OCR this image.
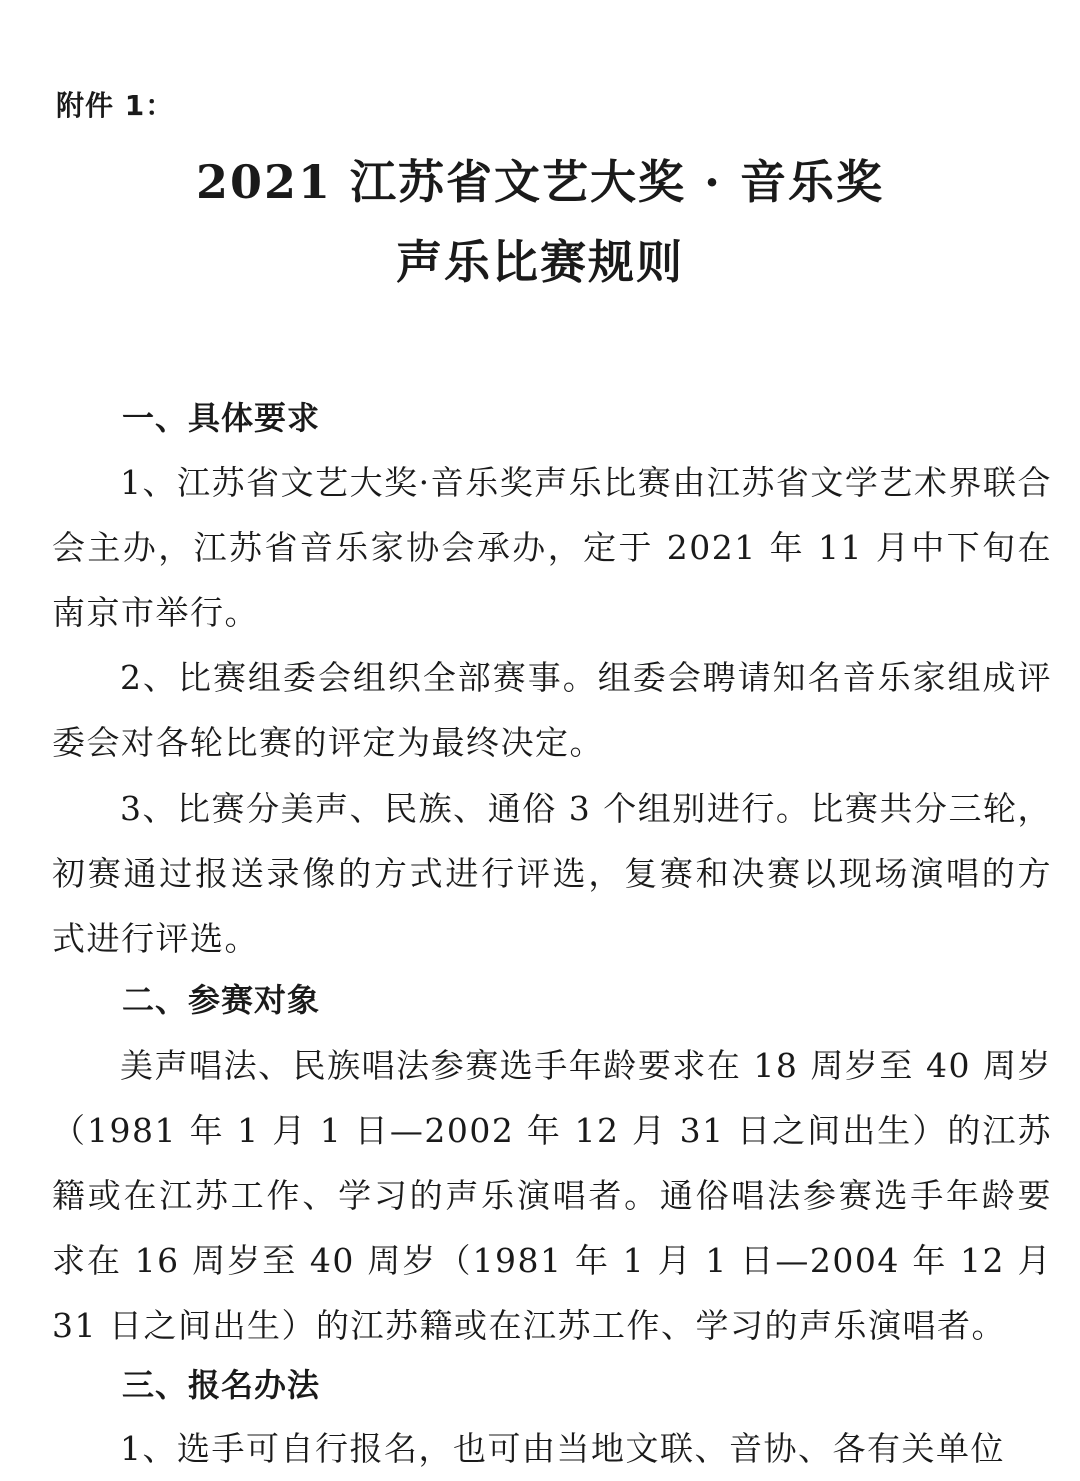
附件 1：
2021 江苏省文艺大奖 · 音乐奖
声乐比赛规则
一、具体要求

1、江苏省文艺大奖·音乐奖声乐比赛由江苏省文学艺术界联合会主办，江苏省音乐家协会承办，定于 2021 年 11 月中下旬在南京市举行。

2、比赛组委会组织全部赛事。组委会聘请知名音乐家组成评委会对各轮比赛的评定为最终决定。

3、比赛分美声、民族、通俗 3 个组别进行。比赛共分三轮，初赛通过报送录像的方式进行评选，复赛和决赛以现场演唱的方式进行评选。

二、参赛对象

美声唱法、民族唱法参赛选手年龄要求在 18 周岁至 40 周岁（1981 年 1 月 1 日—2002 年 12 月 31 日之间出生）的江苏籍或在江苏工作、学习的声乐演唱者。通俗唱法参赛选手年龄要求在 16 周岁至 40 周岁（1981 年 1 月 1 日—2004 年 12 月 31 日之间出生）的江苏籍或在江苏工作、学习的声乐演唱者。

三、报名办法

1、选手可自行报名，也可由当地文联、音协、各有关单位
